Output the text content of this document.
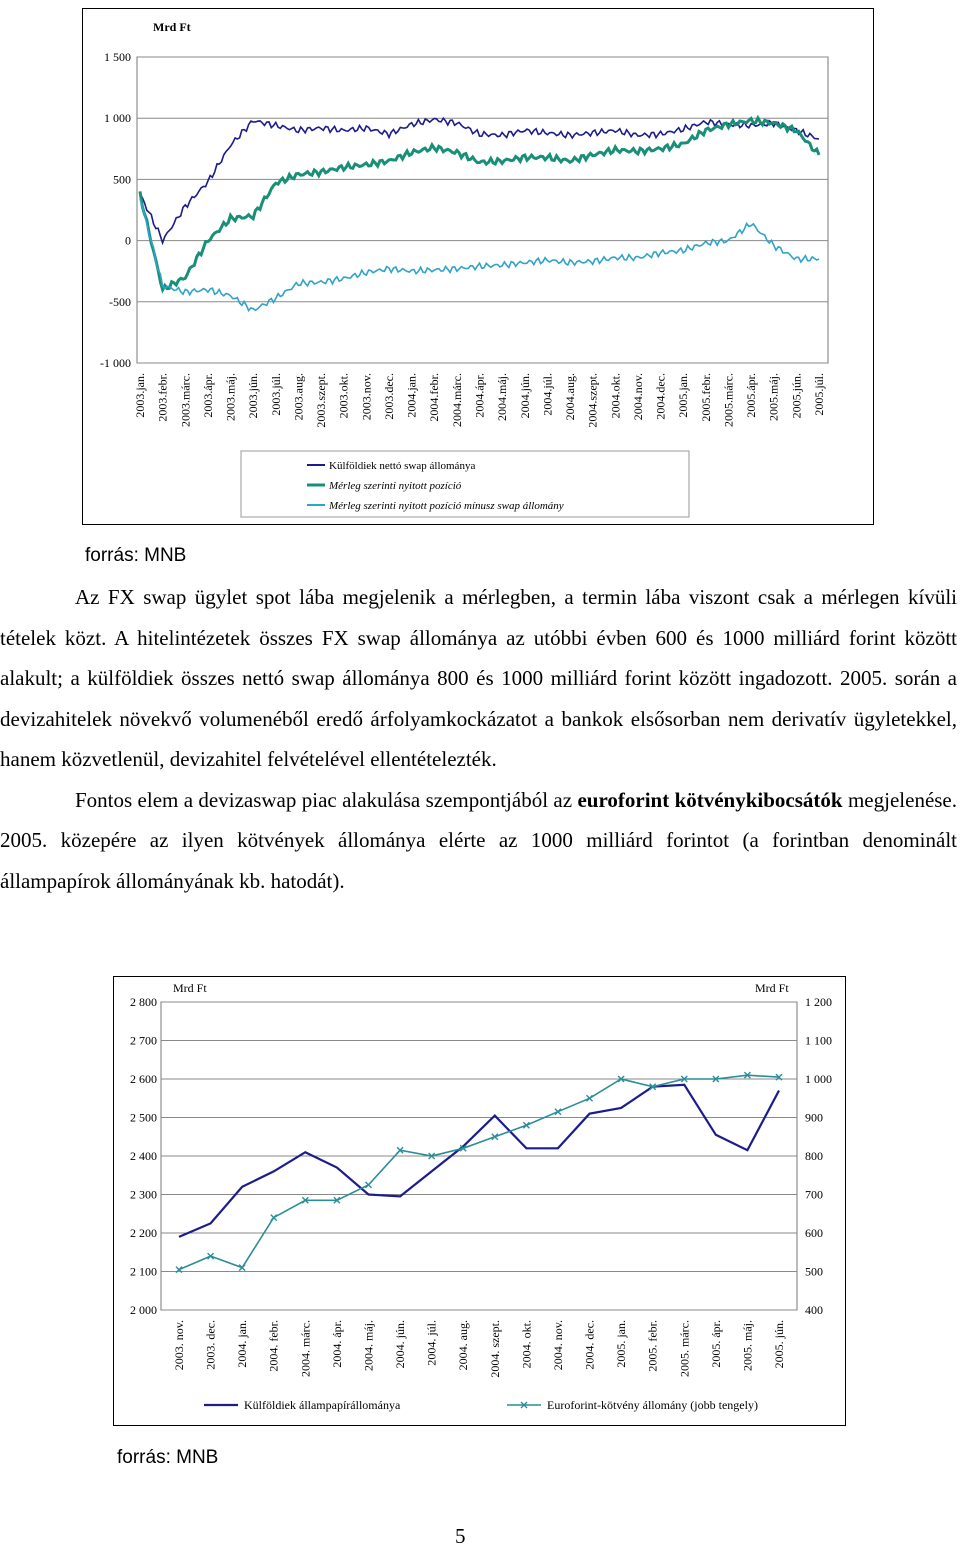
1 500
1 000
500
0
-500
-1 000
Mrd Ft
2003.jan. 2003.febr. 2003.márc. 2003.ápr. 2003.máj. 2003.jún. 2003.júl. 2003.aug. 2003.szept. 2003.okt. 2003.nov. 2003.dec. 2004.jan. 2004.febr. 2004.márc. 2004.ápr. 2004.máj. 2004.jún. 2004.júl. 2004.aug. 2004.szept. 2004.okt. 2004.nov. 2004.dec. 2005.jan. 2005.febr. 2005.márc. 2005.ápr. 2005.máj. 2005.jún. 2005.júl.
Külföldiek nettó swap állománya
Mérleg szerinti nyitott pozíció
Mérleg szerinti nyitott pozíció mínusz swap állomány
forrás: MNB

Az FX swap ügylet spot lába megjelenik a mérlegben, a termin lába viszont csak a mérlegen kívüli tételek közt. A hitelintézetek összes FX swap állománya az utóbbi évben 600 és 1000 milliárd forint között alakult; a külföldiek összes nettó swap állománya 800 és 1000 milliárd forint között ingadozott. 2005. során a devizahitelek növekvő volumenéből eredő árfolyamkockázatot a bankok elsősorban nem derivatív ügyletekkel, hanem közvetlenül, devizahitel felvételével ellentételezték.

Fontos elem a devizaswap piac alakulása szempontjából az euroforint kötvénykibocsátók megjelenése. 2005. közepére az ilyen kötvények állománya elérte az 1000 milliárd forintot (a forintban denominált állampapírok állományának kb. hatodát).

2 800
2 700
2 600
2 500
2 400
2 300
2 200
2 100
2 000
1 200
1 100
1 000
900
800
700
600
500
400
Mrd Ft	Mrd Ft
2003. nov. 2003. dec. 2004. jan. 2004. febr. 2004. márc. 2004. ápr. 2004. máj. 2004. jún. 2004. júl. 2004. aug. 2004. szept. 2004. okt. 2004. nov. 2004. dec. 2005. jan. 2005. febr. 2005. márc. 2005. ápr. 2005. máj. 2005. jún.
Külföldiek állampapírállománya	Euroforint-kötvény állomány (jobb tengely)
forrás: MNB
5
